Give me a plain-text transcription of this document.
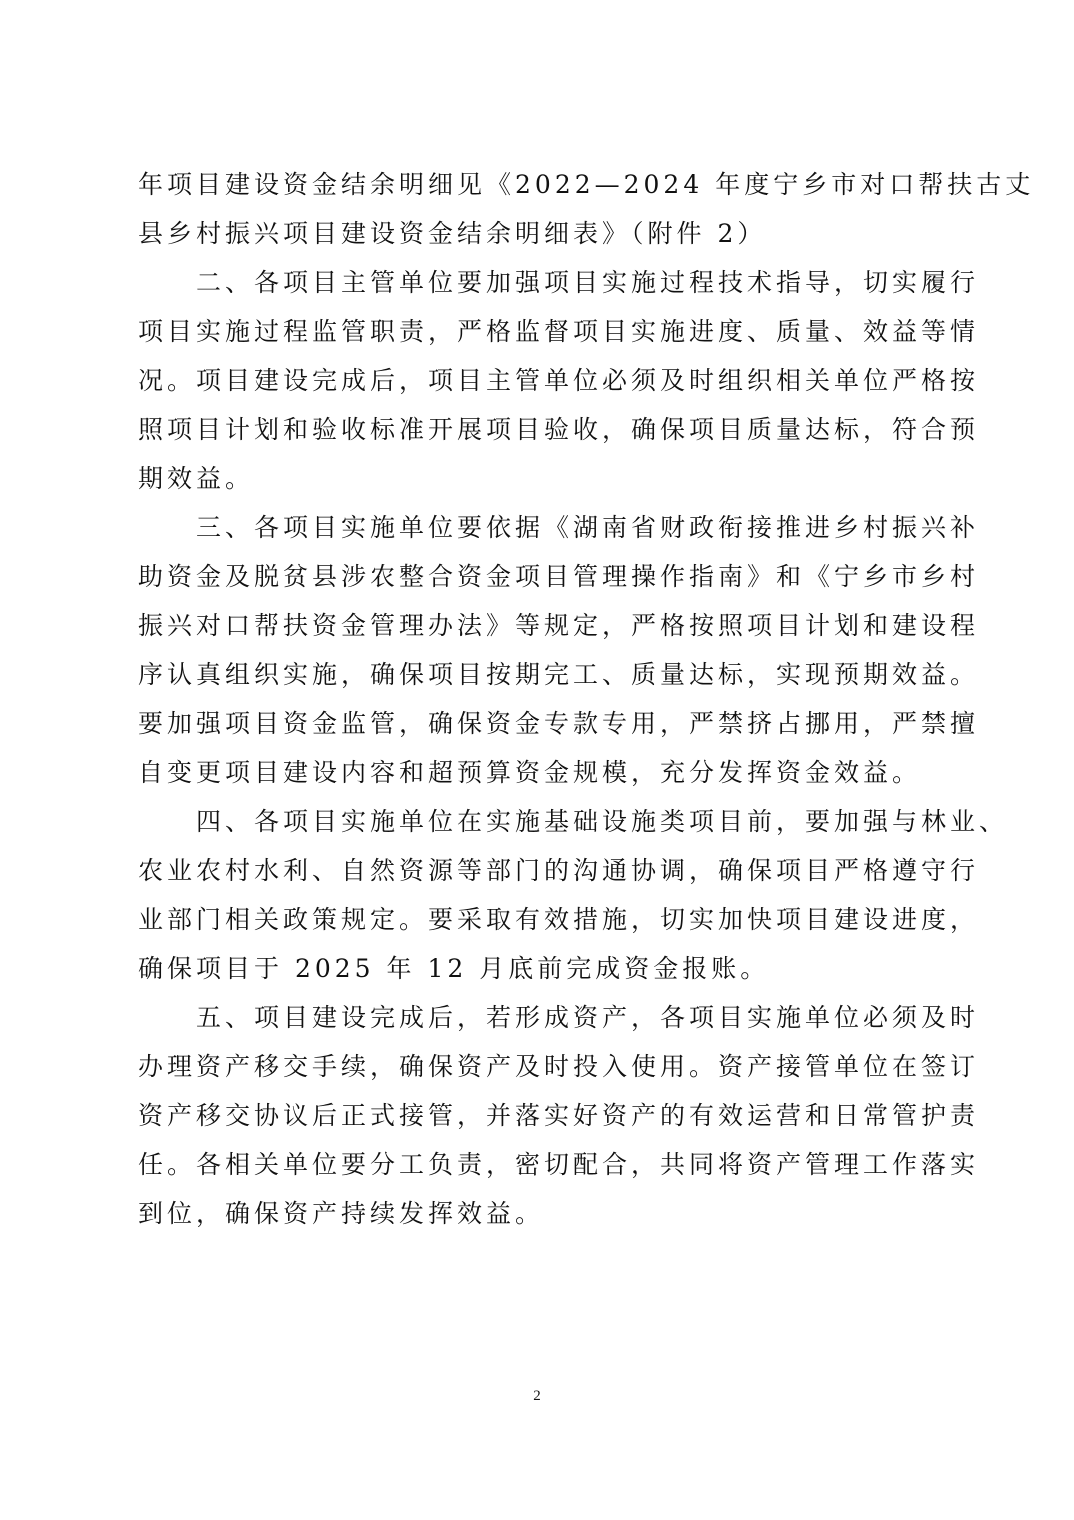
年项目建设资金结余明细见《2022—2024 年度宁乡市对口帮扶古丈
县乡村振兴项目建设资金结余明细表》（附件 2）
　　二、各项目主管单位要加强项目实施过程技术指导，切实履行
项目实施过程监管职责，严格监督项目实施进度、质量、效益等情
况。项目建设完成后，项目主管单位必须及时组织相关单位严格按
照项目计划和验收标准开展项目验收，确保项目质量达标，符合预
期效益。
　　三、各项目实施单位要依据《湖南省财政衔接推进乡村振兴补
助资金及脱贫县涉农整合资金项目管理操作指南》和《宁乡市乡村
振兴对口帮扶资金管理办法》等规定，严格按照项目计划和建设程
序认真组织实施，确保项目按期完工、质量达标，实现预期效益。
要加强项目资金监管，确保资金专款专用，严禁挤占挪用，严禁擅
自变更项目建设内容和超预算资金规模，充分发挥资金效益。
　　四、各项目实施单位在实施基础设施类项目前，要加强与林业、
农业农村水利、自然资源等部门的沟通协调，确保项目严格遵守行
业部门相关政策规定。要采取有效措施，切实加快项目建设进度，
确保项目于 2025 年 12 月底前完成资金报账。
　　五、项目建设完成后，若形成资产，各项目实施单位必须及时
办理资产移交手续，确保资产及时投入使用。资产接管单位在签订
资产移交协议后正式接管，并落实好资产的有效运营和日常管护责
任。各相关单位要分工负责，密切配合，共同将资产管理工作落实
到位，确保资产持续发挥效益。
2
